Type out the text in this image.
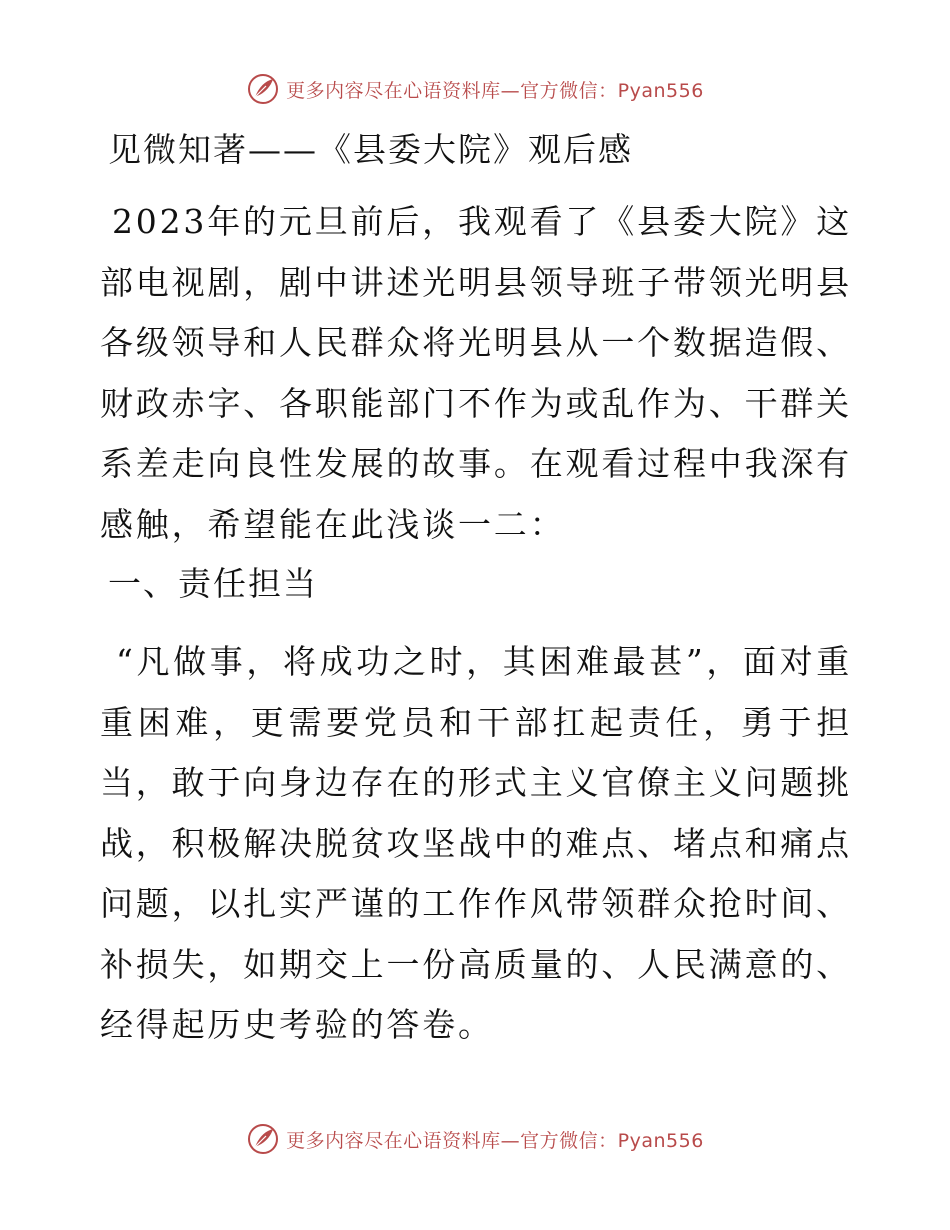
更多内容尽在心语资料库—官方微信：Pyan556
见微知著——《县委大院》观后感

2023年的元旦前后，我观看了《县委大院》这部电视剧，剧中讲述光明县领导班子带领光明县各级领导和人民群众将光明县从一个数据造假、财政赤字、各职能部门不作为或乱作为、干群关系差走向良性发展的故事。在观看过程中我深有感触，希望能在此浅谈一二：

一、责任担当

“凡做事，将成功之时，其困难最甚”，面对重重困难，更需要党员和干部扛起责任，勇于担当，敢于向身边存在的形式主义官僚主义问题挑战，积极解决脱贫攻坚战中的难点、堵点和痛点问题，以扎实严谨的工作作风带领群众抢时间、补损失，如期交上一份高质量的、人民满意的、经得起历史考验的答卷。

更多内容尽在心语资料库—官方微信：Pyan556
